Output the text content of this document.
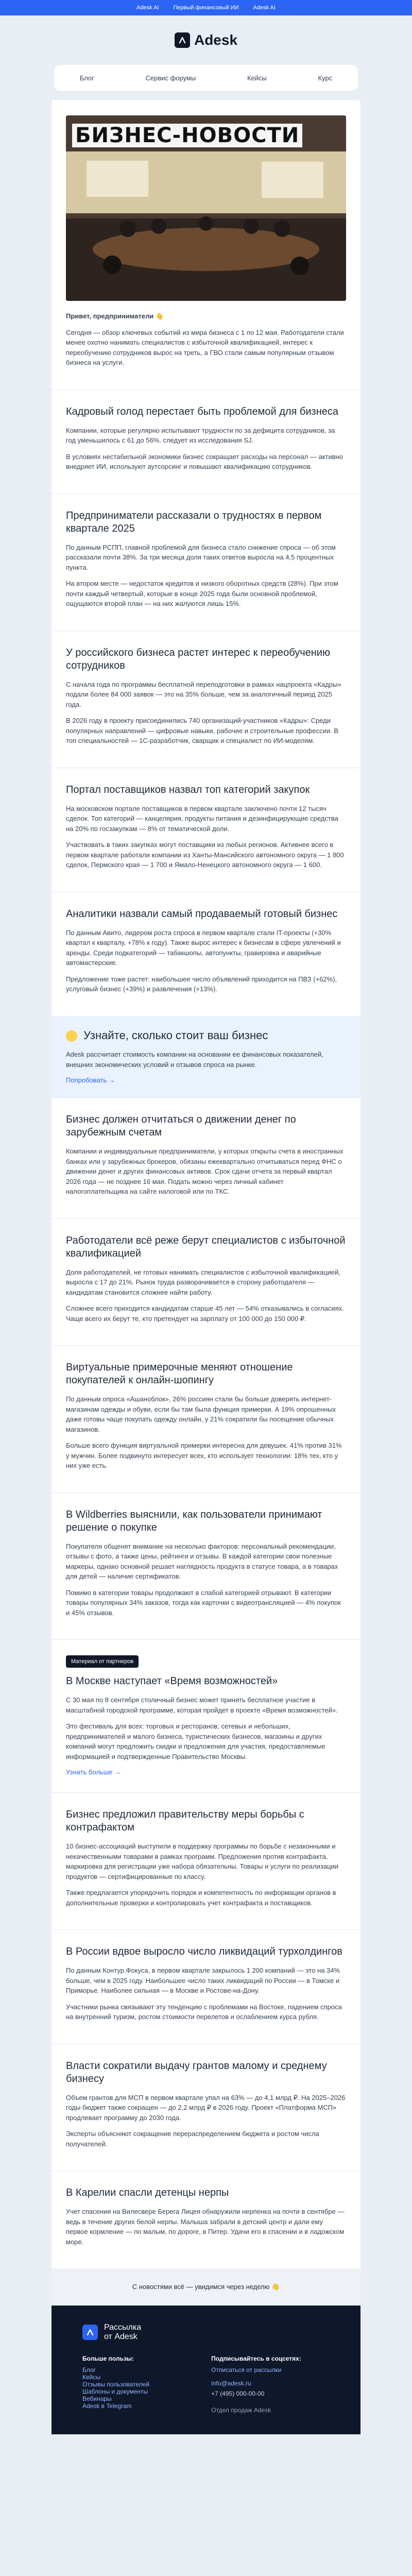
Adesk AI	Первый финансовый ИИ	Adesk AI
Adesk
Блог	Сервис форумы	Кейсы	Курс
БИЗНЕС-НОВОСТИ

Привет, предприниматели 👋

Сегодня — обзор ключевых событий из мира бизнеса с 1 по 12 мая. Работодатели стали менее охотно нанимать специалистов с избыточной квалификацией, интерес к переобучению сотрудников вырос на треть, а ГВО стали самым популярным отзывом бизнеса на услуги.

Кадровый голод перестает быть проблемой для бизнеса

Компании, которые регулярно испытывают трудности по за дефицита сотрудников, за год уменьшилось с 61 до 56%. следует из исследования SJ.

В условиях нестабильной экономики бизнес сокращает расходы на персонал — активно внедряет ИИ, используют аутсорсинг и повышают квалификацию сотрудников.

Предприниматели рассказали о трудностях в первом квартале 2025

По данным РСПП, главной проблемой для бизнеса стало снижение спроса — об этом рассказали почти 38%. За три месяца доля таких ответов выросла на 4,5 процентных пункта.

На втором месте — недостаток кредитов и низкого оборотных средств (28%). При этом почти каждый четвертый, которые в конце 2025 года были основной проблемой, ощущаются второй план — на них жалуются лишь 15%.

У российского бизнеса растет интерес к переобучению сотрудников

С начала года по программы бесплатной переподготовки в рамках нацпроекта «Кадры» подали более 84 000 заявок — это на 35% больше, чем за аналогичный период 2025 года.

В 2026 году в проекту присоединились 740 организаций-участников «Кадры»: Среди популярных направлений — цифровые навыки, рабочие и строительные профессии. В топ специальностей — 1С-разработчик, сварщик и специалист по ИИ-моделям.

Портал поставщиков назвал топ категорий закупок

На московском портале поставщиков в первом квартале заключено почти 12 тысяч сделок. Топ категорий — канцелярия, продукты питания и дезинфицирующие средства на 20% по госзакупкам — 8% от тематической доли.

Участвовать в таких закупках могут поставщики из любых регионов. Активнее всего в первом квартале работали компании из Ханты-Мансийского автономного округа — 1 800 сделок, Пермского края — 1 700 и Ямало-Ненецкого автономного округа — 1 600.

Аналитики назвали самый продаваемый готовый бизнес

По данным Авито, лидером роста спроса в первом квартале стали IT-проекты (+30% квартал к кварталу, +78% к году). Также вырос интерес к бизнесам в сфере увлечений и аренды. Среди подкатегорий — табакшопы, автопункты, гравировка и аварийные автомастерские.

Предложение тоже растет: наибольшее число объявлений приходится на ПВЗ (+62%), услуговый бизнес (+39%) и развлечения (+13%).

Узнайте, сколько стоит ваш бизнес

Adesk рассчитает стоимость компании на основании ее финансовых показателей, внешних экономических условий и отзывов спроса на рынке.

Попробовать →
Бизнес должен отчитаться о движении денег по зарубежным счетам

Компании и индивидуальные предприниматели, у которых открыты счета в иностранных банках или у зарубежных брокеров, обязаны ежеквартально отчитываться перед ФНС о движении денег и других финансовых активов. Срок сдачи отчета за первый квартал 2026 года — не позднее 16 мая. Подать можно через личный кабинет налогоплательщика на сайте налоговой или по ТКС.

Работодатели всё реже берут специалистов с избыточной квалификацией

Доля работодателей, не готовых нанимать специалистов с избыточной квалификацией, выросла с 17 до 21%. Рынок труда разворачивается в сторону работодателя — кандидатам становится сложнее найти работу.

Сложнее всего приходится кандидатам старше 45 лет — 54% отказывались в согласиях. Чаще всего их берут те, кто претендует на зарплату от 100 000 до 150 000 ₽.

Виртуальные примерочные меняют отношение покупателей к онлайн-шопингу

По данным опроса «Ашаноблок», 26% россиян стали бы больше доверять интернет-магазинам одежды и обуви, если бы там была функция примерки. А 19% опрошенных даже готовы чаще покупать одежду онлайн, у 21% сократили бы посещение обычных магазинов.

Больше всего функция виртуальной примерки интересна для девушек. 41% против 31% у мужчин. Более подвинуто интересует всех, кто использует технологии: 18% тех, кто у них уже есть.

В Wildberries выяснили, как пользователи принимают решение о покупке

Покупателя общенят внимание на несколько факторов: персональный рекомендации, отзывы с фото, а также цены, рейтинги и отзывы. В каждой категории свои полезные маркеры, однако основной решает наглядность продукта в статусе товара, а в товарах для детей — наличие сертификатов.

Помимо в категории товары продолжают в слабой категорией отрывают. В категории товары популярных 34% заказов, тогда как карточки с видеотрансляцией — 4% покупок и 45% отзывов.

Материал от партнеров
В Москве наступает «Время возможностей»

С 30 мая по 8 сентября столичный бизнес может принять бесплатное участие в масштабной городской программе, которая пройдет в проекте «Время возможностей».

Это фестиваль для всех: торговых и ресторанов, сетевых и небольших, предпринимателей и малого бизнеса, туристических бизнесов, магазины и других компаний могут предложить скидки и предложения для участия, предоставляемые информацией и подтвержденные Правительство Москвы.

Узнать больше →
Бизнес предложил правительству меры борьбы с контрафактом

10 бизнес-ассоциаций выступили в поддержку программы по борьбе с незаконными и некачественными товарами в рамках программ. Предложения против контрафакта, маркировка для регистрации уже набора обязательны. Товары и услуги по реализации продуктов — сертифицированные по классу.

Также предлагается упорядочить порядок и компетентность по информации органов в дополнительные проверки и контролировать учет контрафакта и поставщиков.

В России вдвое выросло число ликвидаций турхолдингов

По данным Контур.Фокуса, в первом квартале закрылось 1 200 компаний — это на 34% больше, чем в 2025 году. Наибольшее число таких ликвидаций по России — в Томске и Приморье. Наиболее сильная — в Москве и Ростове-на-Дону.

Участники рынка связывают эту тенденцию с проблемами на Востоке, падением спроса на внутренний туризм, ростом стоимости перелетов и ослаблением курса рубля.

Власти сократили выдачу грантов малому и среднему бизнесу

Объем грантов для МСП в первом квартале упал на 63% — до 4,1 млрд ₽. На 2025–2026 годы бюджет также сокращен — до 2,2 млрд ₽ в 2026 году. Проект «Платформа МСП» продлевает программу до 2030 года.

Эксперты объясняют сокращение перераспределением бюджета и ростом числа получателей.

В Карелии спасли детенцы нерпы

Учет спасения на Вилесвере Берега Лицея обнаружили нерпенка на почти в сентябре — ведь в течение других белой нерпы. Малыша забрали в детский центр и дали ему первое кормление — по малым, по дороге, в Питер. Удачи его в спасении и в ладожском море.

С новостями всё — увидимся через неделю 👋
Рассылка
от Adesk
Больше пользы:
Блог
Кейсы
Отзывы пользователей
Шаблоны и документы
Вебинары
Adesk в Telegram
Подписывайтесь в соцсетях:
Отписаться от рассылки
info@adesk.ru
+7 (495) 000-00-00
Отдел продаж Adesk
